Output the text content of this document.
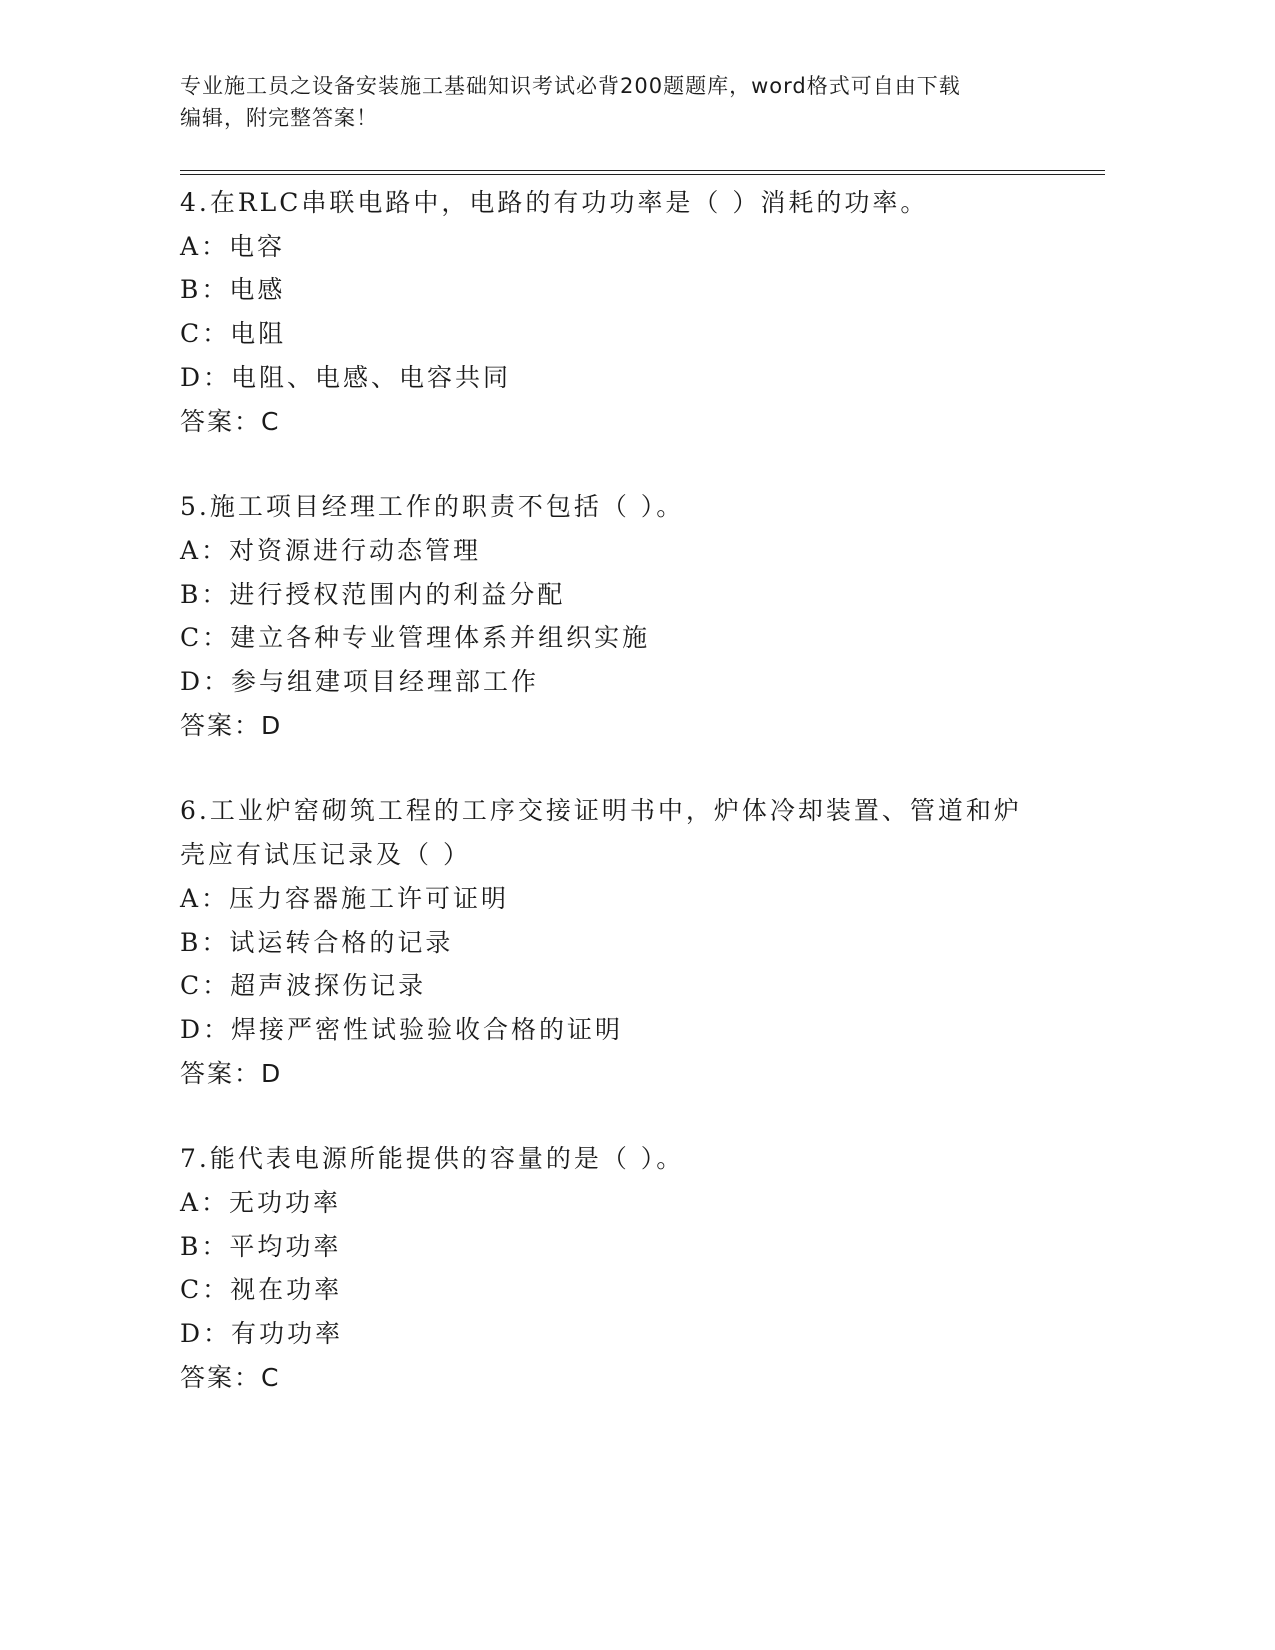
专业施工员之设备安装施工基础知识考试必背200题题库，word格式可自由下载
编辑，附完整答案！
4.在RLC串联电路中，电路的有功功率是（ ）消耗的功率。
A：电容
B：电感
C：电阻
D：电阻、电感、电容共同
答案：C
5.施工项目经理工作的职责不包括（ ）。
A：对资源进行动态管理
B：进行授权范围内的利益分配
C：建立各种专业管理体系并组织实施
D：参与组建项目经理部工作
答案：D
6.工业炉窑砌筑工程的工序交接证明书中，炉体冷却装置、管道和炉壳应有试压记录及（ ）
A：压力容器施工许可证明
B：试运转合格的记录
C：超声波探伤记录
D：焊接严密性试验验收合格的证明
答案：D
7.能代表电源所能提供的容量的是（ ）。
A：无功功率
B：平均功率
C：视在功率
D：有功功率
答案：C
